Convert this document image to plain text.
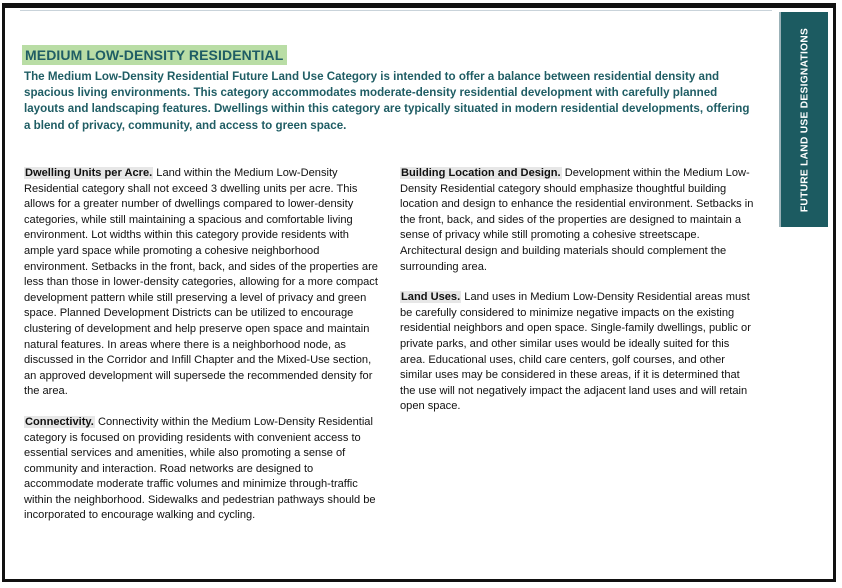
FUTURE LAND USE DESIGNATIONS
MEDIUM LOW-DENSITY RESIDENTIAL
The Medium Low-Density Residential Future Land Use Category is intended to offer a balance between residential density and spacious living environments. This category accommodates moderate-density residential development with carefully planned layouts and landscaping features. Dwellings within this category are typically situated in modern residential developments, offering a blend of privacy, community, and access to green space.

Dwelling Units per Acre. Land within the Medium Low-Density Residential category shall not exceed 3 dwelling units per acre. This allows for a greater number of dwellings compared to lower-density categories, while still maintaining a spacious and comfortable living environment. Lot widths within this category provide residents with ample yard space while promoting a cohesive neighborhood environment. Setbacks in the front, back, and sides of the properties are less than those in lower-density categories, allowing for a more compact development pattern while still preserving a level of privacy and green space. Planned Development Districts can be utilized to encourage clustering of development and help preserve open space and maintain natural features. In areas where there is a neighborhood node, as discussed in the Corridor and Infill Chapter and the Mixed-Use section, an approved development will supersede the recommended density for the area.

Connectivity. Connectivity within the Medium Low-Density Residential category is focused on providing residents with convenient access to essential services and amenities, while also promoting a sense of community and interaction. Road networks are designed to accommodate moderate traffic volumes and minimize through-traffic within the neighborhood. Sidewalks and pedestrian pathways should be incorporated to encourage walking and cycling.

Building Location and Design. Development within the Medium Low-Density Residential category should emphasize thoughtful building location and design to enhance the residential environment. Setbacks in the front, back, and sides of the properties are designed to maintain a sense of privacy while still promoting a cohesive streetscape. Architectural design and building materials should complement the surrounding area.

Land Uses. Land uses in Medium Low-Density Residential areas must be carefully considered to minimize negative impacts on the existing residential neighbors and open space. Single-family dwellings, public or private parks, and other similar uses would be ideally suited for this area. Educational uses, child care centers, golf courses, and other similar uses may be considered in these areas, if it is determined that the use will not negatively impact the adjacent land uses and will retain open space.
